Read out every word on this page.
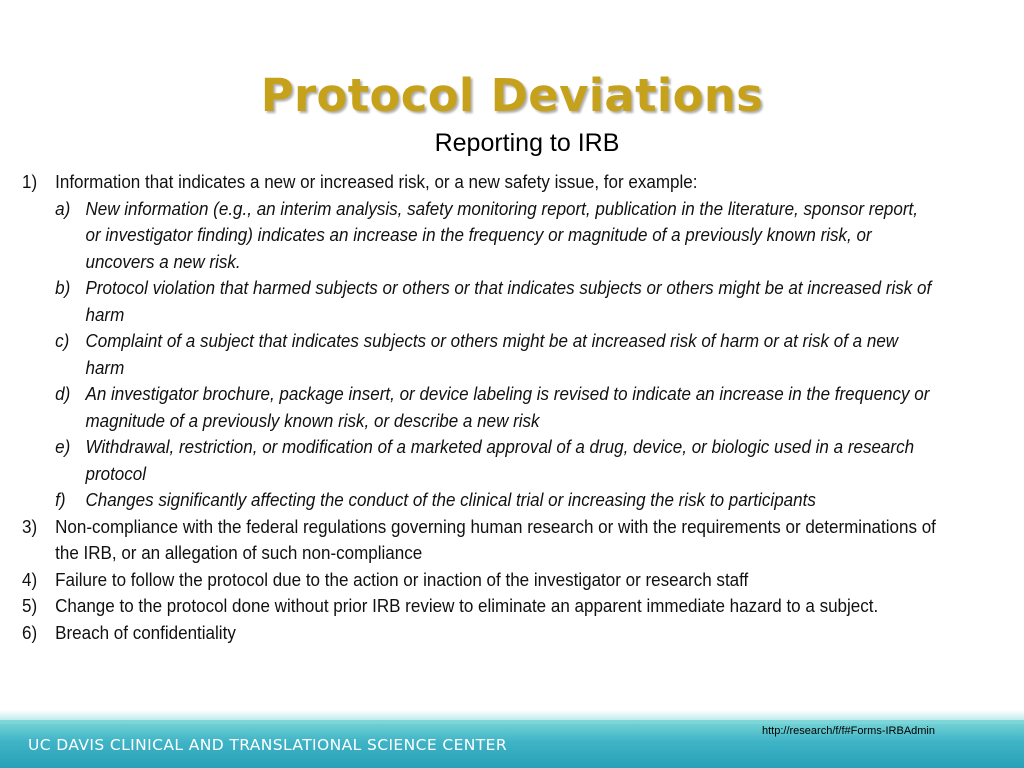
Protocol Deviations
Reporting to IRB
1) Information that indicates a new or increased risk, or a new safety issue, for example:
a) New information (e.g., an interim analysis, safety monitoring report, publication in the literature, sponsor report, or investigator finding) indicates an increase in the frequency or magnitude of a previously known risk, or uncovers a new risk.
b) Protocol violation that harmed subjects or others or that indicates subjects or others might be at increased risk of harm
c) Complaint of a subject that indicates subjects or others might be at increased risk of harm or at risk of a new harm
d) An investigator brochure, package insert, or device labeling is revised to indicate an increase in the frequency or magnitude of a previously known risk, or describe a new risk
e) Withdrawal, restriction, or modification of a marketed approval of a drug, device, or biologic used in a research protocol
f) Changes significantly affecting the conduct of the clinical trial or increasing the risk to participants
3) Non-compliance with the federal regulations governing human research or with the requirements or determinations of the IRB, or an allegation of such non-compliance
4) Failure to follow the protocol due to the action or inaction of the investigator or research staff
5) Change to the protocol done without prior IRB review to eliminate an apparent immediate hazard to a subject.
6) Breach of confidentiality
UC DAVIS CLINICAL AND TRANSLATIONAL SCIENCE CENTER
http://research/f/f#Forms-IRBAdmin
